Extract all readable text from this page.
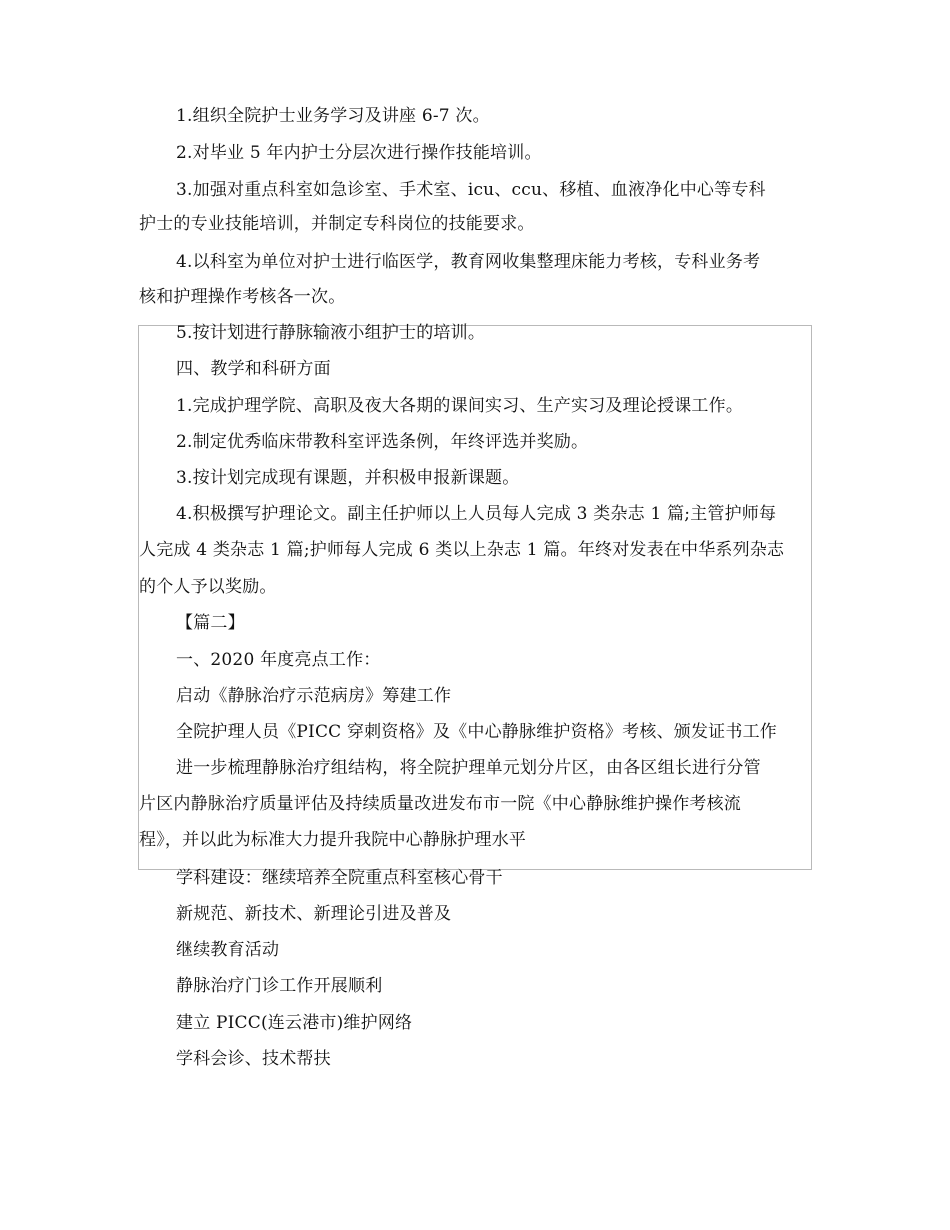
1.组织全院护士业务学习及讲座 6-7 次。
2.对毕业 5 年内护士分层次进行操作技能培训。
3.加强对重点科室如急诊室、手术室、icu、ccu、移植、血液净化中心等专科
护士的专业技能培训，并制定专科岗位的技能要求。
4.以科室为单位对护士进行临医学，教育网收集整理床能力考核，专科业务考
核和护理操作考核各一次。
5.按计划进行静脉输液小组护士的培训。
四、教学和科研方面
1.完成护理学院、高职及夜大各期的课间实习、生产实习及理论授课工作。
2.制定优秀临床带教科室评选条例，年终评选并奖励。
3.按计划完成现有课题，并积极申报新课题。
4.积极撰写护理论文。副主任护师以上人员每人完成 3 类杂志 1 篇;主管护师每
人完成 4 类杂志 1 篇;护师每人完成 6 类以上杂志 1 篇。年终对发表在中华系列杂志
的个人予以奖励。
【篇二】
一、2020 年度亮点工作：
启动《静脉治疗示范病房》筹建工作
全院护理人员《PICC 穿刺资格》及《中心静脉维护资格》考核、颁发证书工作
进一步梳理静脉治疗组结构，将全院护理单元划分片区，由各区组长进行分管
片区内静脉治疗质量评估及持续质量改进发布市一院《中心静脉维护操作考核流
程》，并以此为标准大力提升我院中心静脉护理水平
学科建设：继续培养全院重点科室核心骨干
新规范、新技术、新理论引进及普及
继续教育活动
静脉治疗门诊工作开展顺利
建立 PICC(连云港市)维护网络
学科会诊、技术帮扶
